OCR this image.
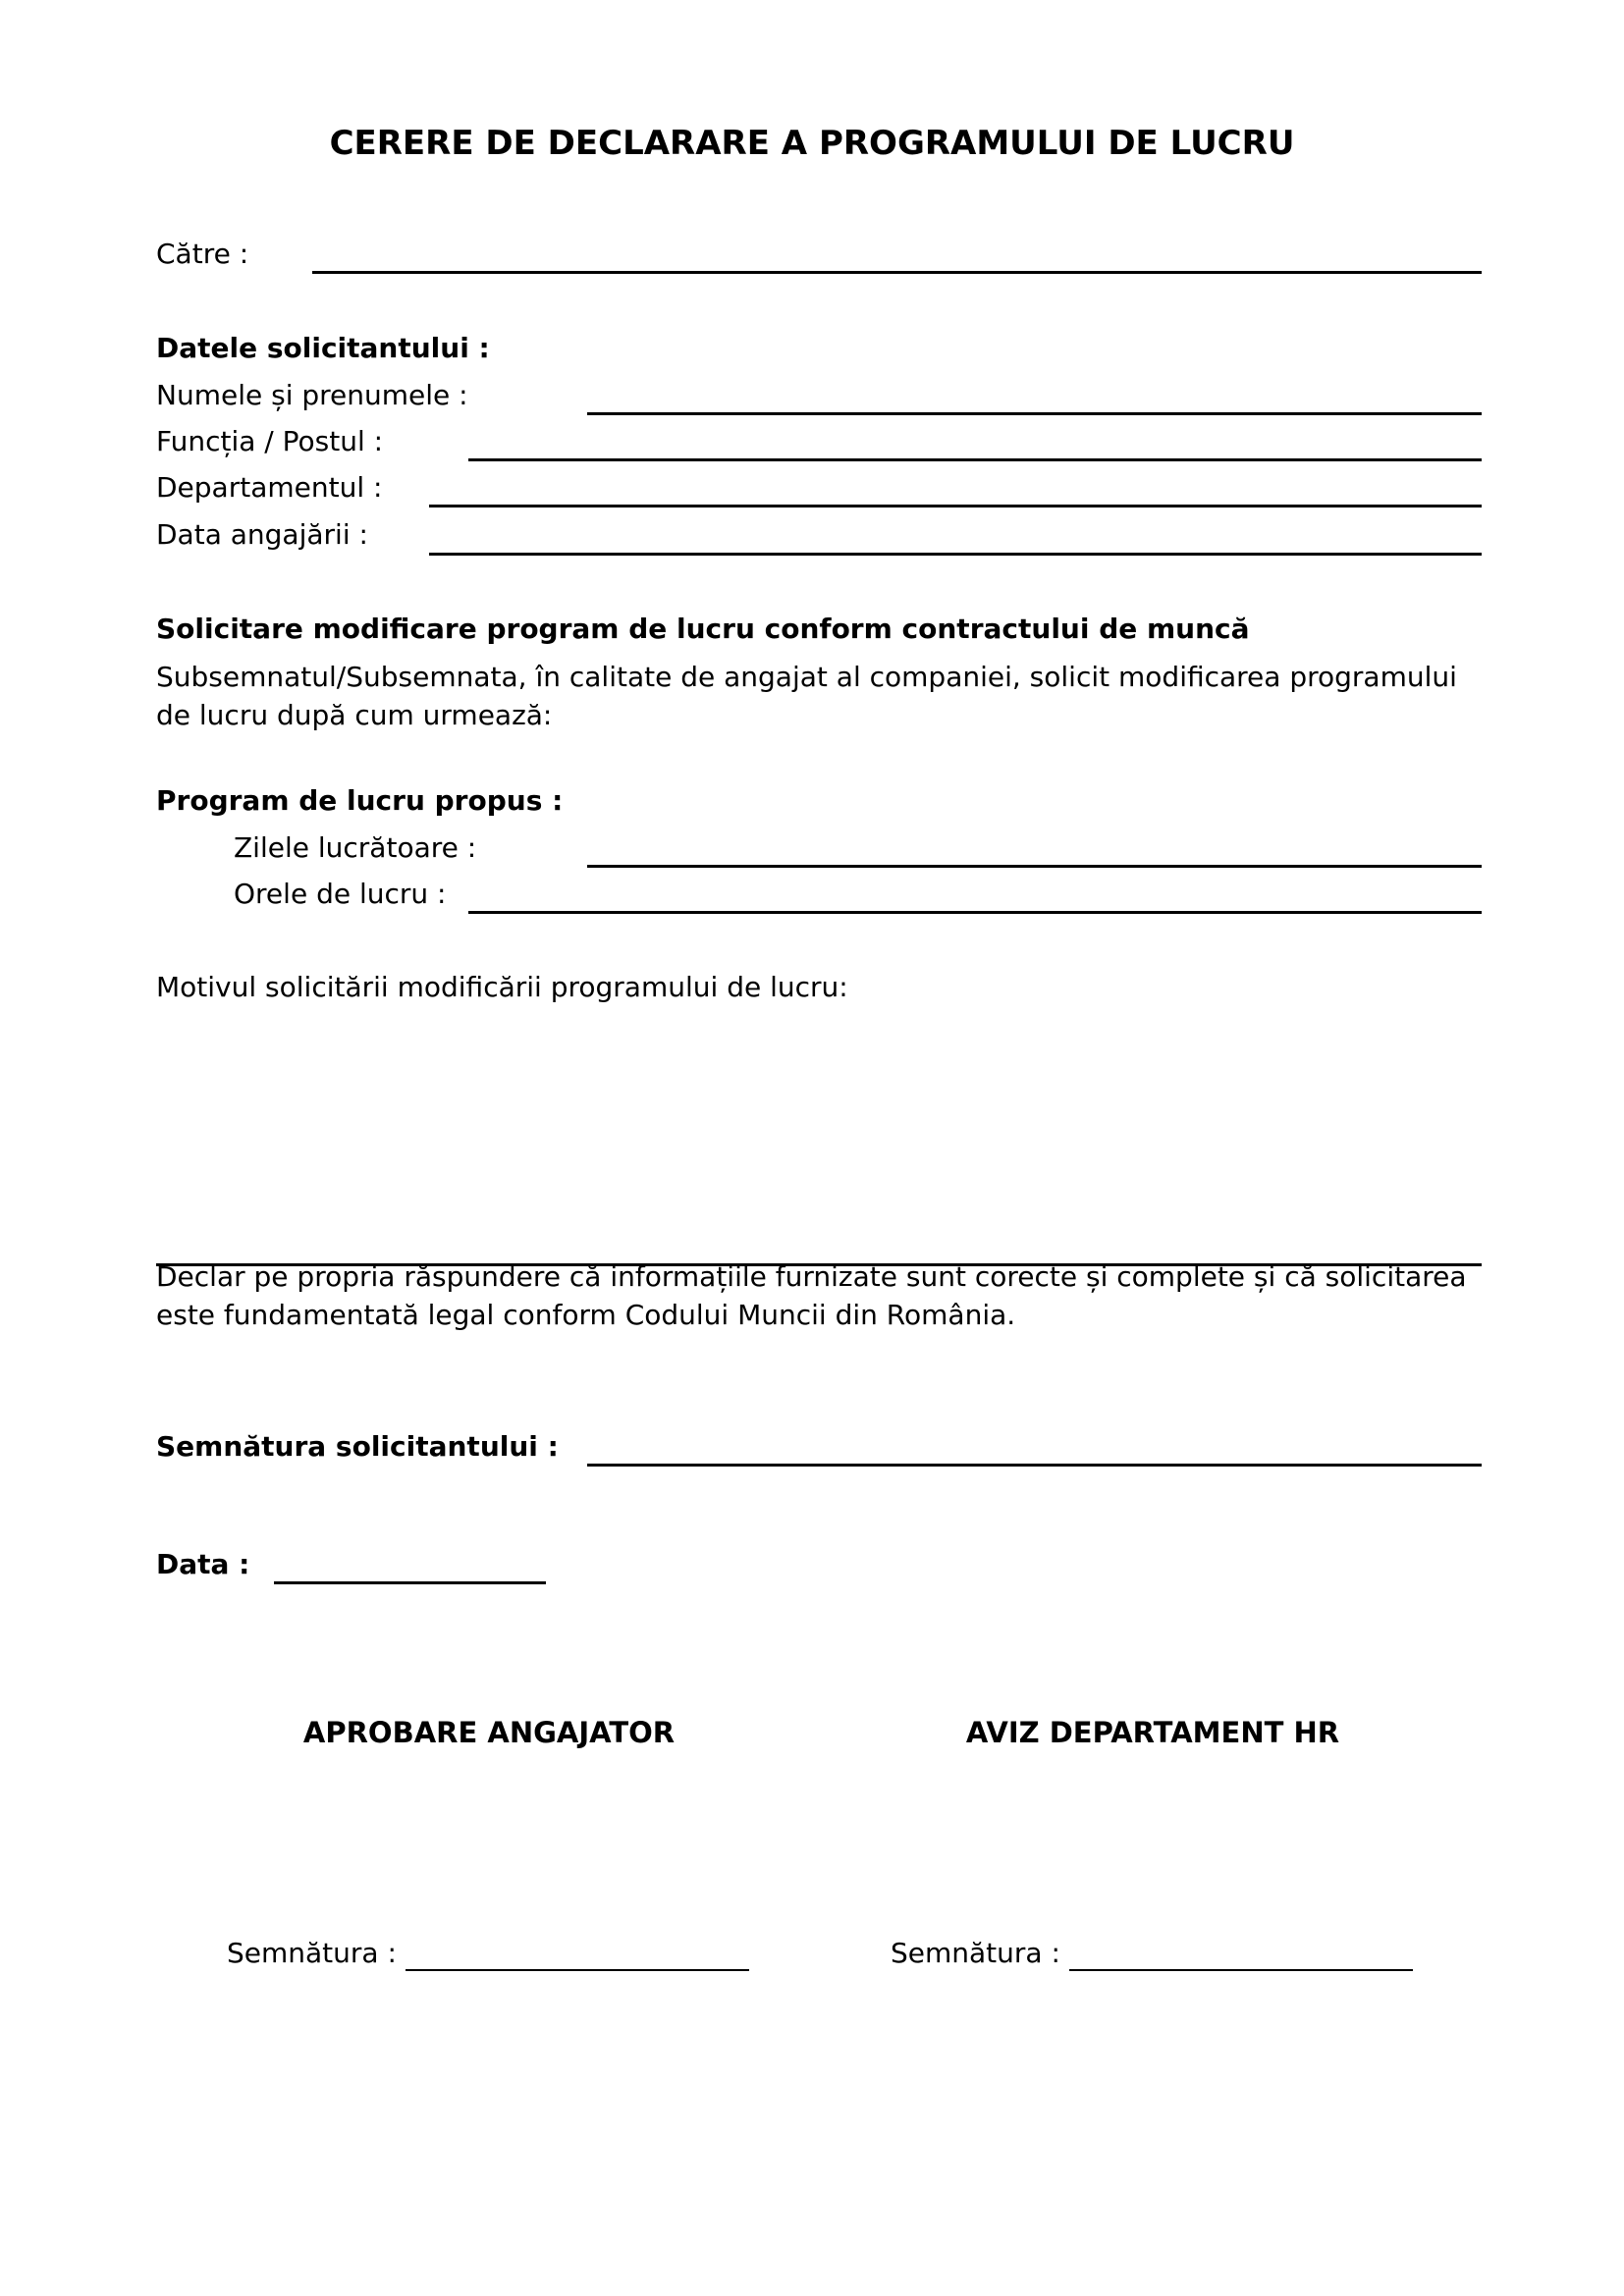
CERERE DE DECLARARE A PROGRAMULUI DE LUCRU
Către :
Datele solicitantului :
Numele și prenumele :
Funcția / Postul :
Departamentul :
Data angajării :
Solicitare modificare program de lucru conform contractului de muncă
Subsemnatul/Subsemnata, în calitate de angajat al companiei, solicit modificarea programului de lucru după cum urmează:
Program de lucru propus :
Zilele lucrătoare :
Orele de lucru :
Motivul solicitării modificării programului de lucru:
Declar pe propria răspundere că informațiile furnizate sunt corecte și complete și că solicitarea este fundamentată legal conform Codului Muncii din România.
Semnătura solicitantului :
Data :
APROBARE ANGAJATOR	AVIZ DEPARTAMENT HR
Semnătura :	Semnătura :
